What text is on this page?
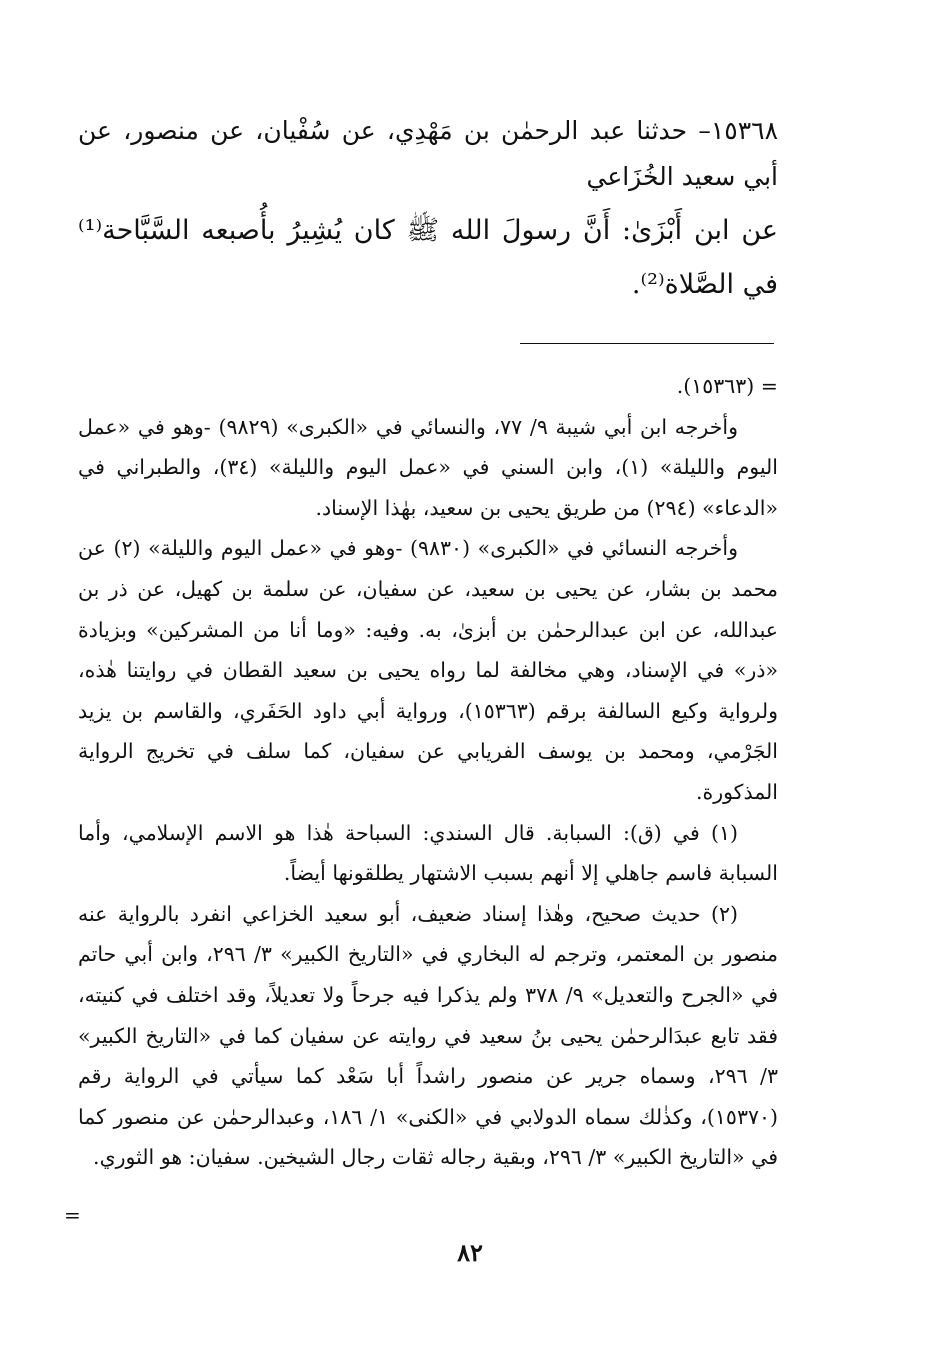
١٥٣٦٨– حدثنا عبد الرحمٰن بن مَهْدِي، عن سُفْيان، عن منصور، عن أبي سعيد الخُزَاعي

عن ابن أَبْزَىٰ: أَنَّ رسولَ الله ﷺ كان يُشِيرُ بأُصبعه السَّبَّاحة⁽¹⁾ في الصَّلاة⁽²⁾.

= (١٥٣٦٣).

وأخرجه ابن أبي شيبة ٩/ ٧٧، والنسائي في «الكبرى» (٩٨٢٩) -وهو في «عمل اليوم والليلة» (١)، وابن السني في «عمل اليوم والليلة» (٣٤)، والطبراني في «الدعاء» (٢٩٤) من طريق يحيى بن سعيد، بهٰذا الإسناد.

وأخرجه النسائي في «الكبرى» (٩٨٣٠) -وهو في «عمل اليوم والليلة» (٢) عن محمد بن بشار، عن يحيى بن سعيد، عن سفيان، عن سلمة بن كهيل، عن ذر بن عبدالله، عن ابن عبدالرحمٰن بن أبزىٰ، به. وفيه: «وما أنا من المشركين» وبزيادة «ذر» في الإسناد، وهي مخالفة لما رواه يحيى بن سعيد القطان في روايتنا هٰذه، ولرواية وكيع السالفة برقم (١٥٣٦٣)، ورواية أبي داود الحَفَري، والقاسم بن يزيد الجَرْمي، ومحمد بن يوسف الفريابي عن سفيان، كما سلف في تخريج الرواية المذكورة.

(١) في (ق): السبابة. قال السندي: السباحة هٰذا هو الاسم الإسلامي، وأما السبابة فاسم جاهلي إلا أنهم بسبب الاشتهار يطلقونها أيضاً.

(٢) حديث صحيح، وهٰذا إسناد ضعيف، أبو سعيد الخزاعي انفرد بالرواية عنه منصور بن المعتمر، وترجم له البخاري في «التاريخ الكبير» ٣/ ٢٩٦، وابن أبي حاتم في «الجرح والتعديل» ٩/ ٣٧٨ ولم يذكرا فيه جرحاً ولا تعديلاً، وقد اختلف في كنيته، فقد تابع عبدَالرحمٰن يحيى بنُ سعيد في روايته عن سفيان كما في «التاريخ الكبير» ٣/ ٢٩٦، وسماه جرير عن منصور راشداً أبا سَعْد كما سيأتي في الرواية رقم (١٥٣٧٠)، وكذٰلك سماه الدولابي في «الكنى» ١/ ١٨٦، وعبدالرحمٰن عن منصور كما في «التاريخ الكبير» ٣/ ٢٩٦، وبقية رجاله ثقات رجال الشيخين. سفيان: هو الثوري.

=
٨٢
